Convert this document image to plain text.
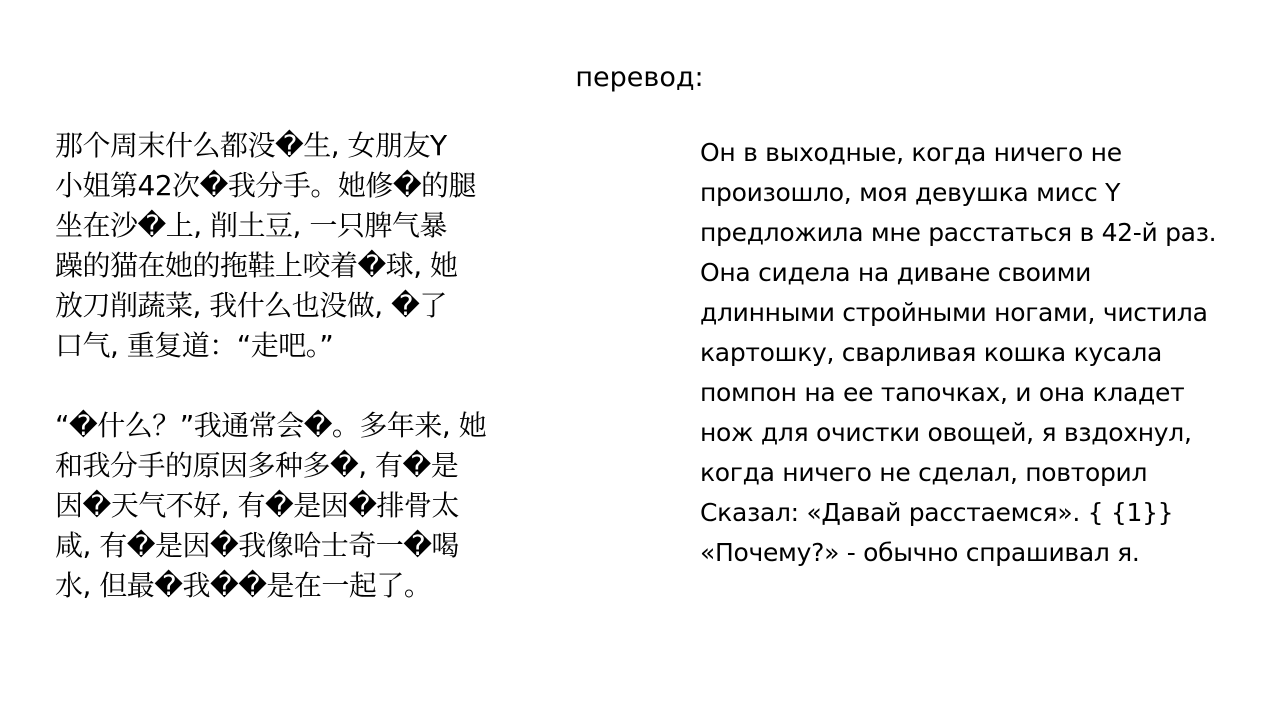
перевод:
那个周末什么都没�生, 女朋友Y
小姐第42次�我分手。她修�的腿
坐在沙�上, 削土豆, 一只脾气暴
躁的猫在她的拖鞋上咬着�球, 她
放刀削蔬菜, 我什么也没做, �了
口气, 重复道：“走吧。”
“�什么？”我通常会�。多年来, 她
和我分手的原因多种多�, 有�是
因�天气不好, 有�是因�排骨太
咸, 有�是因�我像哈士奇一�喝
水, 但最�我��是在一起了。
Он в выходные, когда ничего не
произошло, моя девушка мисс Y
предложила мне расстаться в 42-й раз.
Она сидела на диване своими
длинными стройными ногами, чистила
картошку, сварливая кошка кусала
помпон на ее тапочках, и она кладет
нож для очистки овощей, я вздохнул,
когда ничего не сделал, повторил
Сказал: «Давай расстаемся». { {1}}
«Почему?» - обычно спрашивал я.
